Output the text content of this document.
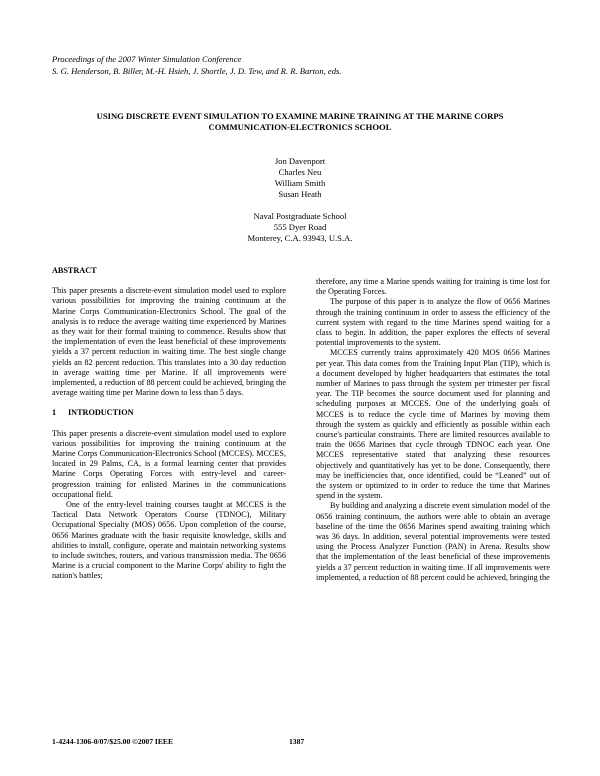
Proceedings of the 2007 Winter Simulation Conference
S. G. Henderson, B. Biller, M.-H. Hsieh, J. Shortle, J. D. Tew, and R. R. Barton, eds.
USING DISCRETE EVENT SIMULATION TO EXAMINE MARINE TRAINING AT THE MARINE CORPS
COMMUNICATION-ELECTRONICS SCHOOL
Jon Davenport
Charles Neu
William Smith
Susan Heath
Naval Postgraduate School
555 Dyer Road
Monterey, C.A. 93943, U.S.A.
ABSTRACT

This paper presents a discrete-event simulation model used to explore various possibilities for improving the training continuum at the Marine Corps Communication-Electronics School. The goal of the analysis is to reduce the average waiting time experienced by Marines as they wait for their formal training to commence. Results show that the implementation of even the least beneficial of these improvements yields a 37 percent reduction in waiting time. The best single change yields an 82 percent reduction. This translates into a 30 day reduction in average waiting time per Marine. If all improvements were implemented, a reduction of 88 percent could be achieved, bringing the average waiting time per Marine down to less than 5 days.

1 INTRODUCTION

This paper presents a discrete-event simulation model used to explore various possibilities for improving the training continuum at the Marine Corps Communication-Electronics School (MCCES). MCCES, located in 29 Palms, CA, is a formal learning center that provides Marine Corps Operating Forces with entry-level and career-progression training for enlisted Marines in the communications occupational field.

One of the entry-level training courses taught at MCCES is the Tactical Data Network Operators Course (TDNOC), Military Occupational Specialty (MOS) 0656. Upon completion of the course, 0656 Marines graduate with the basic requisite knowledge, skills and abilities to install, configure, operate and maintain networking systems to include switches, routers, and various transmission media. The 0656 Marine is a crucial component to the Marine Corps' ability to fight the nation's battles;

therefore, any time a Marine spends waiting for training is time lost for the Operating Forces.

The purpose of this paper is to analyze the flow of 0656 Marines through the training continuum in order to assess the efficiency of the current system with regard to the time Marines spend waiting for a class to begin. In addition, the paper explores the effects of several potential improvements to the system.

MCCES currently trains approximately 420 MOS 0656 Marines per year. This data comes from the Training Input Plan (TIP), which is a document developed by higher headquarters that estimates the total number of Marines to pass through the system per trimester per fiscal year. The TIP becomes the source document used for planning and scheduling purposes at MCCES. One of the underlying goals of MCCES is to reduce the cycle time of Marines by moving them through the system as quickly and efficiently as possible within each course's particular constraints. There are limited resources available to train the 0656 Marines that cycle through TDNOC each year. One MCCES representative stated that analyzing these resources objectively and quantitatively has yet to be done. Consequently, there may be inefficiencies that, once identified, could be “Leaned” out of the system or optimized to in order to reduce the time that Marines spend in the system.

By building and analyzing a discrete event simulation model of the 0656 training continuum, the authors were able to obtain an average baseline of the time the 0656 Marines spend awaiting training which was 36 days. In addition, several potential improvements were tested using the Process Analyzer Function (PAN) in Arena. Results show that the implementation of the least beneficial of these improvements yields a 37 percent reduction in waiting time. If all improvements were implemented, a reduction of 88 percent could be achieved, bringing the

1-4244-1306-0/07/$25.00 ©2007 IEEE	1387
